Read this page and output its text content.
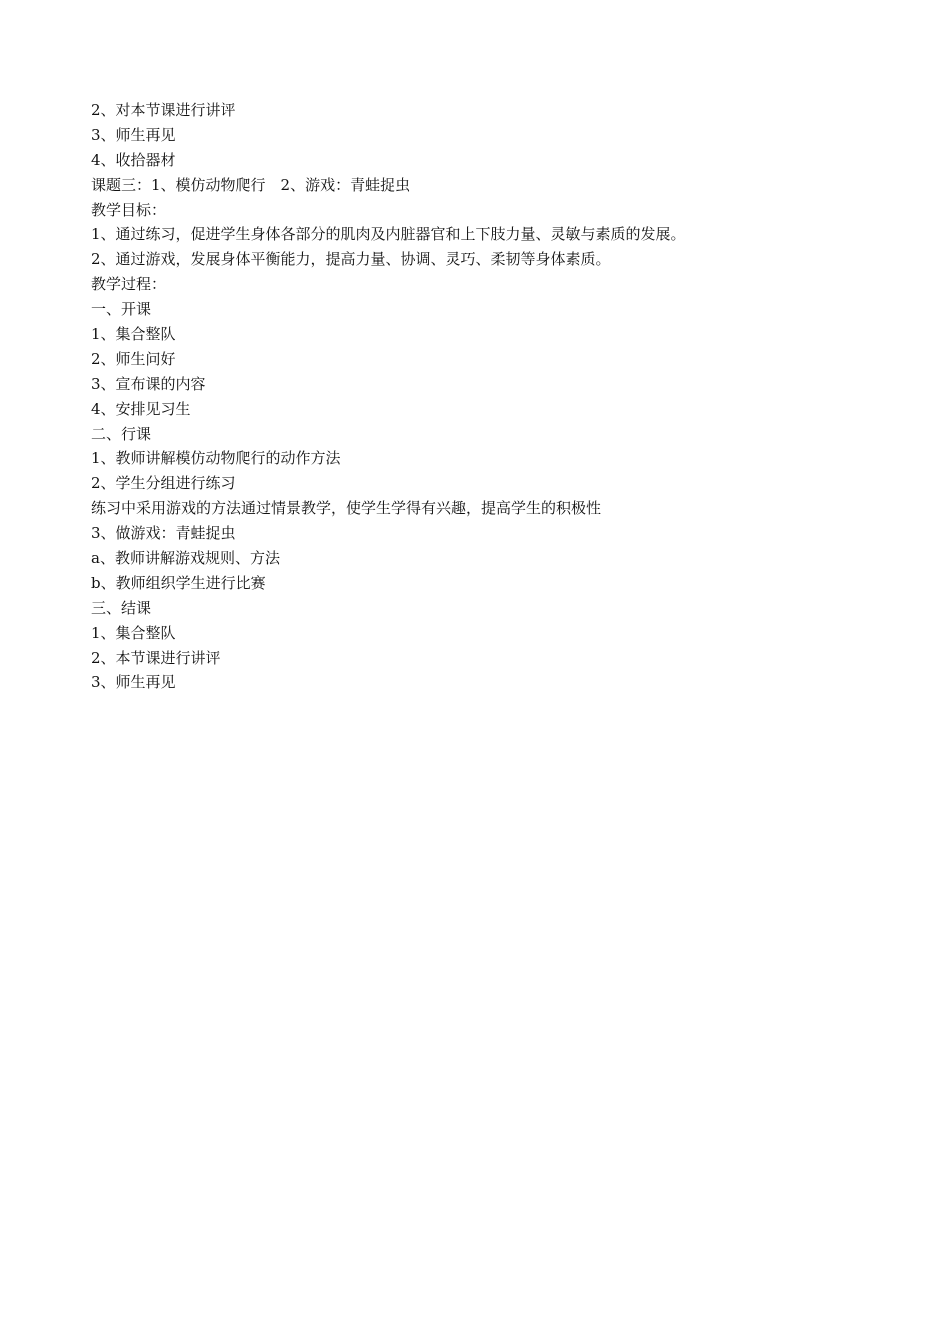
2、对本节课进行讲评
3、师生再见
4、收拾器材
课题三：1、模仿动物爬行　2、游戏：青蛙捉虫
教学目标：
1、通过练习，促进学生身体各部分的肌肉及内脏器官和上下肢力量、灵敏与素质的发展。
2、通过游戏，发展身体平衡能力，提高力量、协调、灵巧、柔韧等身体素质。
教学过程：
一、开课
1、集合整队
2、师生问好
3、宣布课的内容
4、安排见习生
二、行课
1、教师讲解模仿动物爬行的动作方法
2、学生分组进行练习
练习中采用游戏的方法通过情景教学，使学生学得有兴趣，提高学生的积极性
3、做游戏：青蛙捉虫
a、教师讲解游戏规则、方法
b、教师组织学生进行比赛
三、结课
1、集合整队
2、本节课进行讲评
3、师生再见
